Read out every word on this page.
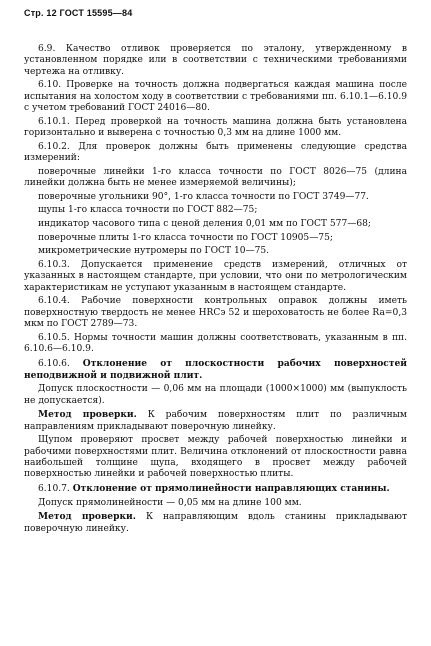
Стр. 12 ГОСТ 15595—84

6.9. Качество отливок проверяется по эталону, утвержденному в установленном порядке или в соответствии с техническими требованиями чертежа на отливку.

6.10. Проверке на точность должна подвергаться каждая машина после испытания на холостом ходу в соответствии с требованиями пп. 6.10.1—6.10.9 с учетом требований ГОСТ 24016—80.

6.10.1. Перед проверкой на точность машина должна быть установлена горизонтально и выверена с точностью 0,3 мм на длине 1000 мм.

6.10.2. Для проверок должны быть применены следующие средства измерений:

поверочные линейки 1-го класса точности по ГОСТ 8026—75 (длина линейки должна быть не менее измеряемой величины);

поверочные угольники 90°, 1-го класса точности по ГОСТ 3749—77.

щупы 1-го класса точности по ГОСТ 882—75;

индикатор часового типа с ценой деления 0,01 мм по ГОСТ 577—68;

поверочные плиты 1-го класса точности по ГОСТ 10905—75;

микрометрические нутромеры по ГОСТ 10—75.

6.10.3. Допускается применение средств измерений, отличных от указанных в настоящем стандарте, при условии, что они по метрологическим характеристикам не уступают указанным в настоящем стандарте.

6.10.4. Рабочие поверхности контрольных оправок должны иметь поверхностную твердость не менее HRCэ 52 и шероховатость не более Ra=0,3 мкм по ГОСТ 2789—73.

6.10.5. Нормы точности машин должны соответствовать, указанным в пп. 6.10.6—6.10.9.

6.10.6. Отклонение от плоскостности рабочих поверхностей неподвижной и подвижной плит.

Допуск плоскостности — 0,06 мм на площади (1000×1000) мм (выпуклость не допускается).

Метод проверки. К рабочим поверхностям плит по различным направлениям прикладывают поверочную линейку.

Щупом проверяют просвет между рабочей поверхностью линейки и рабочими поверхностями плит. Величина отклонений от плоскостности равна наибольшей толщине щупа, входящего в просвет между рабочей поверхностью линейки и рабочей поверхностью плиты.

6.10.7. Отклонение от прямолинейности направляющих станины.

Допуск прямолинейности — 0,05 мм на длине 100 мм.

Метод проверки. К направляющим вдоль станины прикладывают поверочную линейку.
